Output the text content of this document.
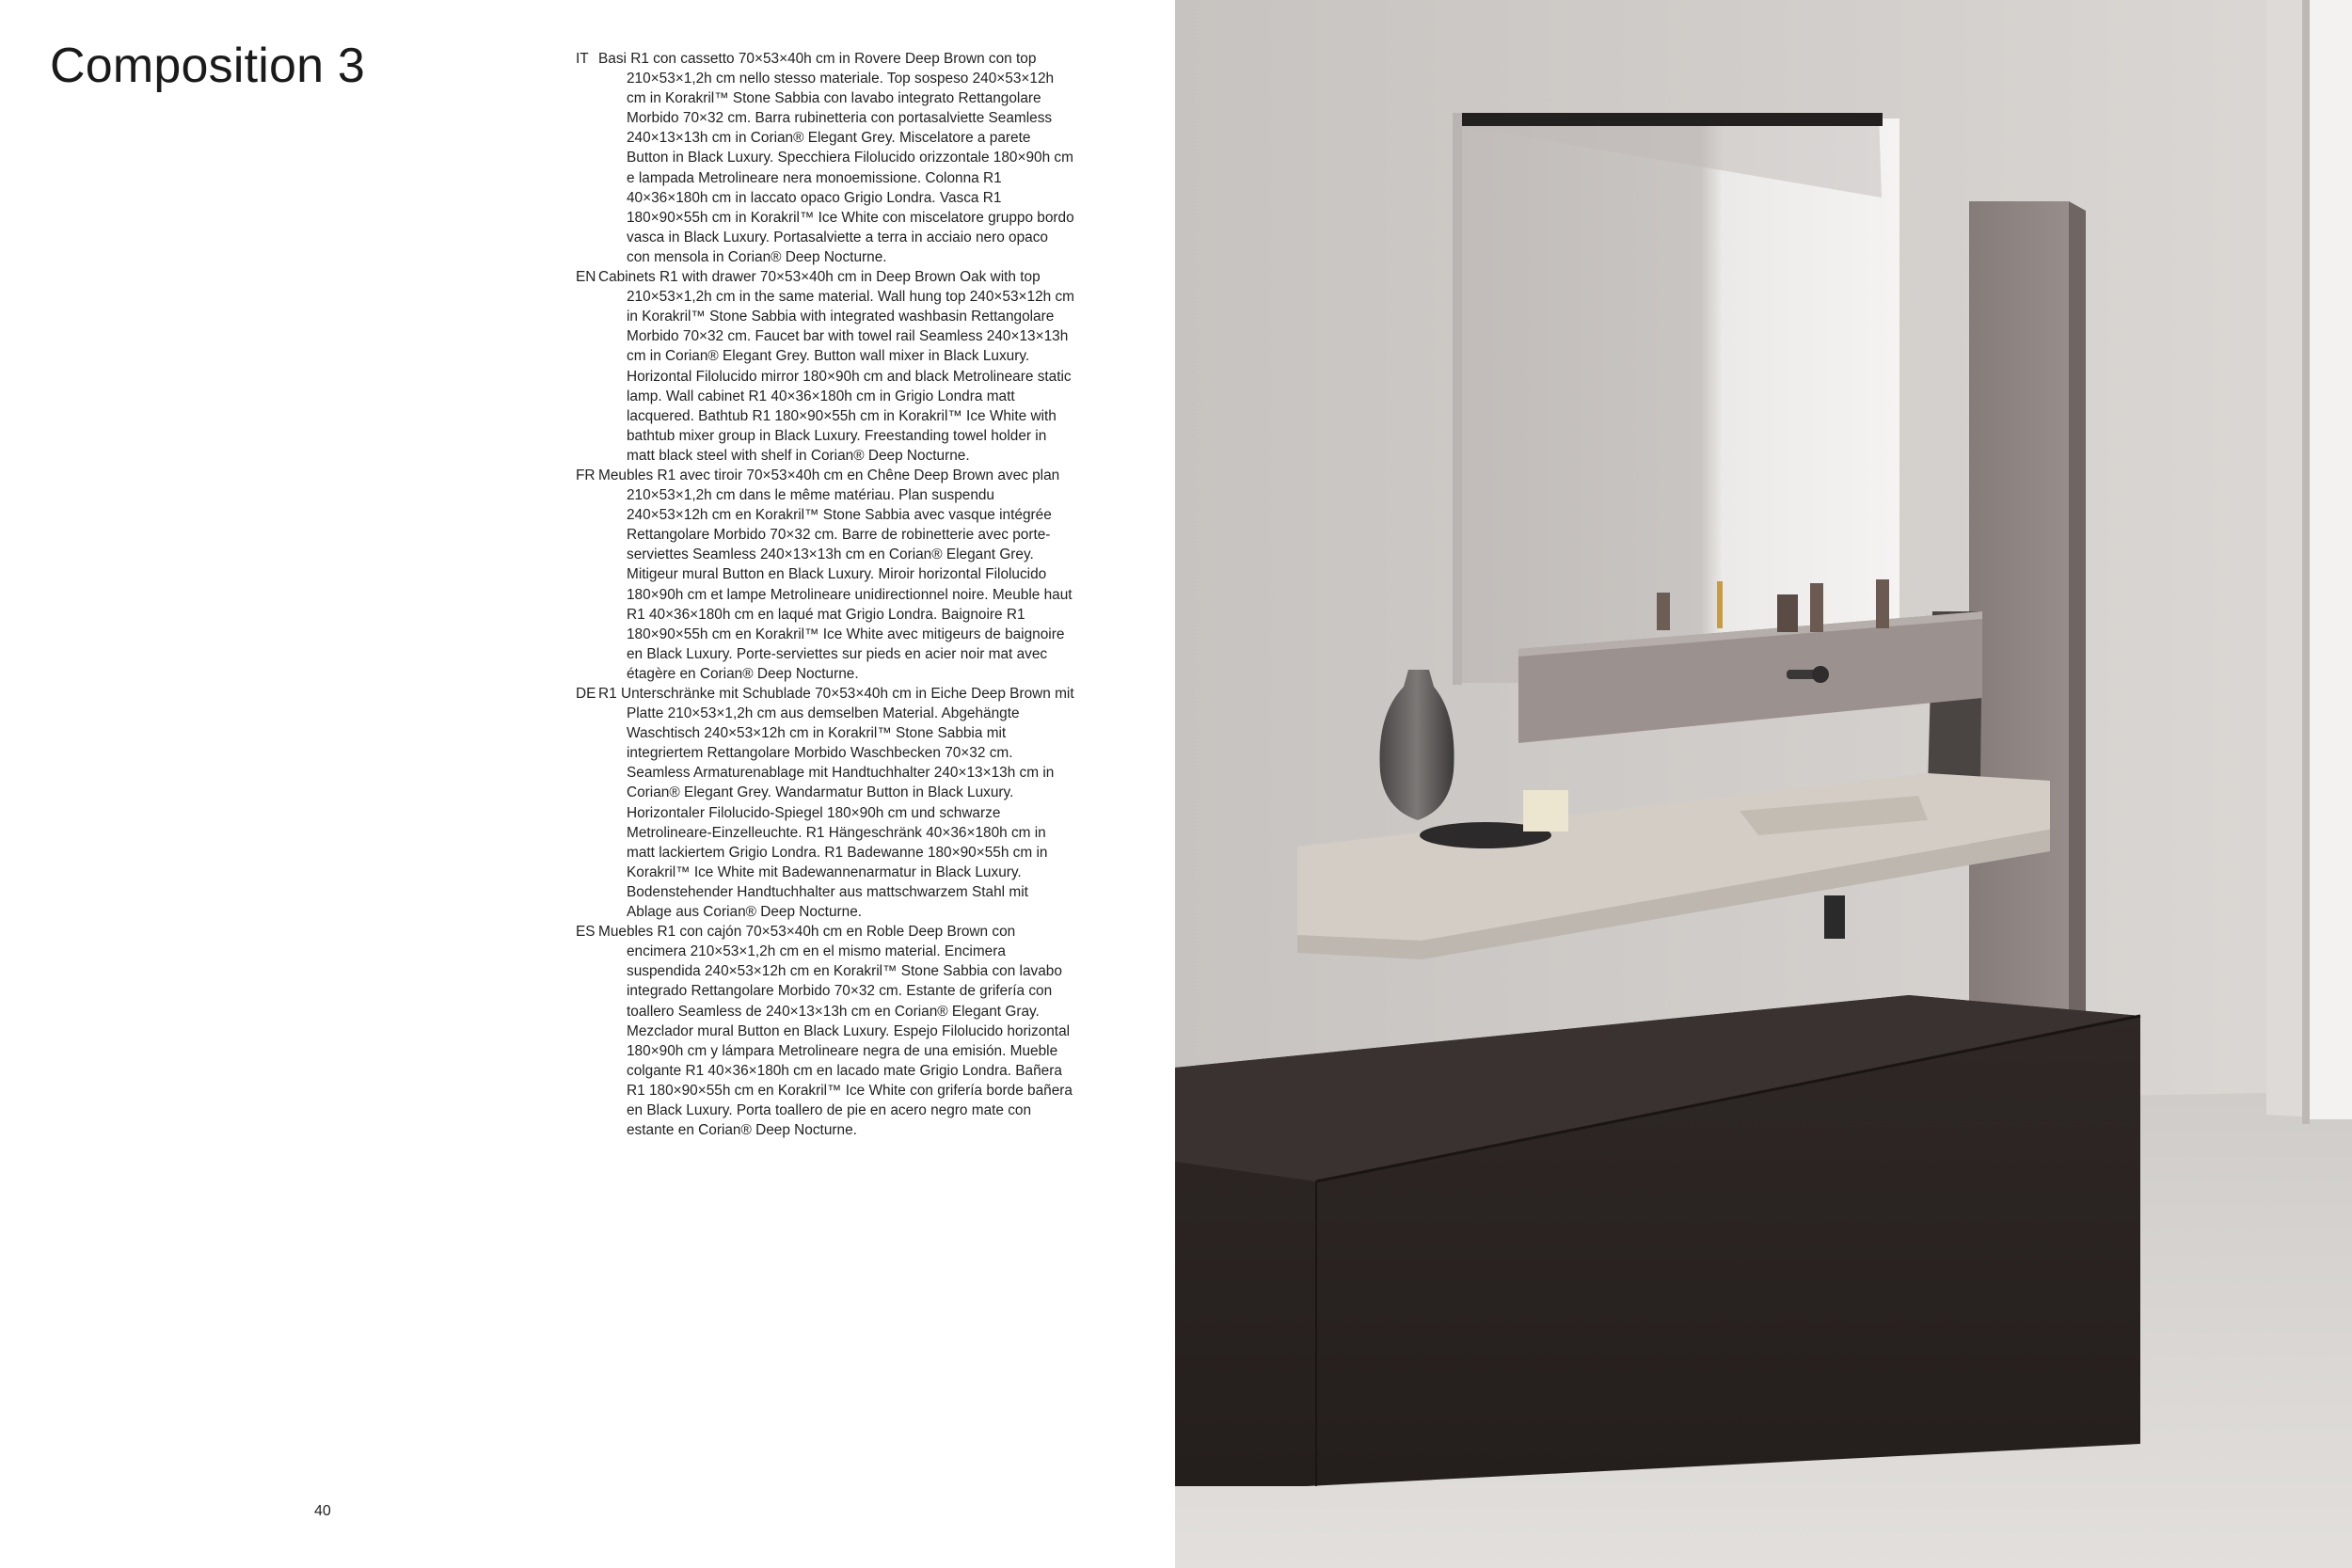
Composition 3	IT Basi R1 con cassetto 70×53×40h cm in Rovere Deep Brown con top 210×53×1,2h cm nello stesso materiale. Top sospeso 240×53×12h cm in Korakril™ Stone Sabbia con lavabo integrato Rettangolare Morbido 70×32 cm. Barra rubinetteria con portasalviette Seamless 240×13×13h cm in Corian® Elegant Grey. Miscelatore a parete Button in Black Luxury. Specchiera Filolucido orizzontale 180×90h cm e lampada Metrolineare nera monoemissione. Colonna R1 40×36×180h cm in laccato opaco Grigio Londra. Vasca R1 180×90×55h cm in Korakril™ Ice White con miscelatore gruppo bordo vasca in Black Luxury. Portasalviette a terra in acciaio nero opaco con mensola in Corian® Deep Nocturne.

EN Cabinets R1 with drawer 70×53×40h cm in Deep Brown Oak with top 210×53×1,2h cm in the same material. Wall hung top 240×53×12h cm in Korakril™ Stone Sabbia with integrated washbasin Rettangolare Morbido 70×32 cm. Faucet bar with towel rail Seamless 240×13×13h cm in Corian® Elegant Grey. Button wall mixer in Black Luxury. Horizontal Filolucido mirror 180×90h cm and black Metrolineare static lamp. Wall cabinet R1 40×36×180h cm in Grigio Londra matt lacquered. Bathtub R1 180×90×55h cm in Korakril™ Ice White with bathtub mixer group in Black Luxury. Freestanding towel holder in matt black steel with shelf in Corian® Deep Nocturne.

FR Meubles R1 avec tiroir 70×53×40h cm en Chêne Deep Brown avec plan 210×53×1,2h cm dans le même matériau. Plan suspendu 240×53×12h cm en Korakril™ Stone Sabbia avec vasque intégrée Rettangolare Morbido 70×32 cm. Barre de robinetterie avec porte-serviettes Seamless 240×13×13h cm en Corian® Elegant Grey. Mitigeur mural Button en Black Luxury. Miroir horizontal Filolucido 180×90h cm et lampe Metrolineare unidirectionnel noire. Meuble haut R1 40×36×180h cm en laqué mat Grigio Londra. Baignoire R1 180×90×55h cm en Korakril™ Ice White avec mitigeurs de baignoire en Black Luxury. Porte-serviettes sur pieds en acier noir mat avec étagère en Corian® Deep Nocturne.

DE R1 Unterschränke mit Schublade 70×53×40h cm in Eiche Deep Brown mit Platte 210×53×1,2h cm aus demselben Material. Abgehängte Waschtisch 240×53×12h cm in Korakril™ Stone Sabbia mit integriertem Rettangolare Morbido Waschbecken 70×32 cm. Seamless Armaturenablage mit Handtuchhalter 240×13×13h cm in Corian® Elegant Grey. Wandarmatur Button in Black Luxury. Horizontaler Filolucido-Spiegel 180×90h cm und schwarze Metrolineare-Einzelleuchte. R1 Hängeschränk 40×36×180h cm in matt lackiertem Grigio Londra. R1 Badewanne 180×90×55h cm in Korakril™ Ice White mit Badewannenarmatur in Black Luxury. Bodenstehender Handtuchhalter aus mattschwarzem Stahl mit Ablage aus Corian® Deep Nocturne.

ES Muebles R1 con cajón 70×53×40h cm en Roble Deep Brown con encimera 210×53×1,2h cm en el mismo material. Encimera suspendida 240×53×12h cm en Korakril™ Stone Sabbia con lavabo integrado Rettangolare Morbido 70×32 cm. Estante de grifería con toallero Seamless de 240×13×13h cm en Corian® Elegant Gray. Mezclador mural Button en Black Luxury. Espejo Filolucido horizontal 180×90h cm y lámpara Metrolineare negra de una emisión. Mueble colgante R1 40×36×180h cm en lacado mate Grigio Londra. Bañera R1 180×90×55h cm en Korakril™ Ice White con grifería borde bañera en Black Luxury. Porta toallero de pie en acero negro mate con estante en Corian® Deep Nocturne.

40
